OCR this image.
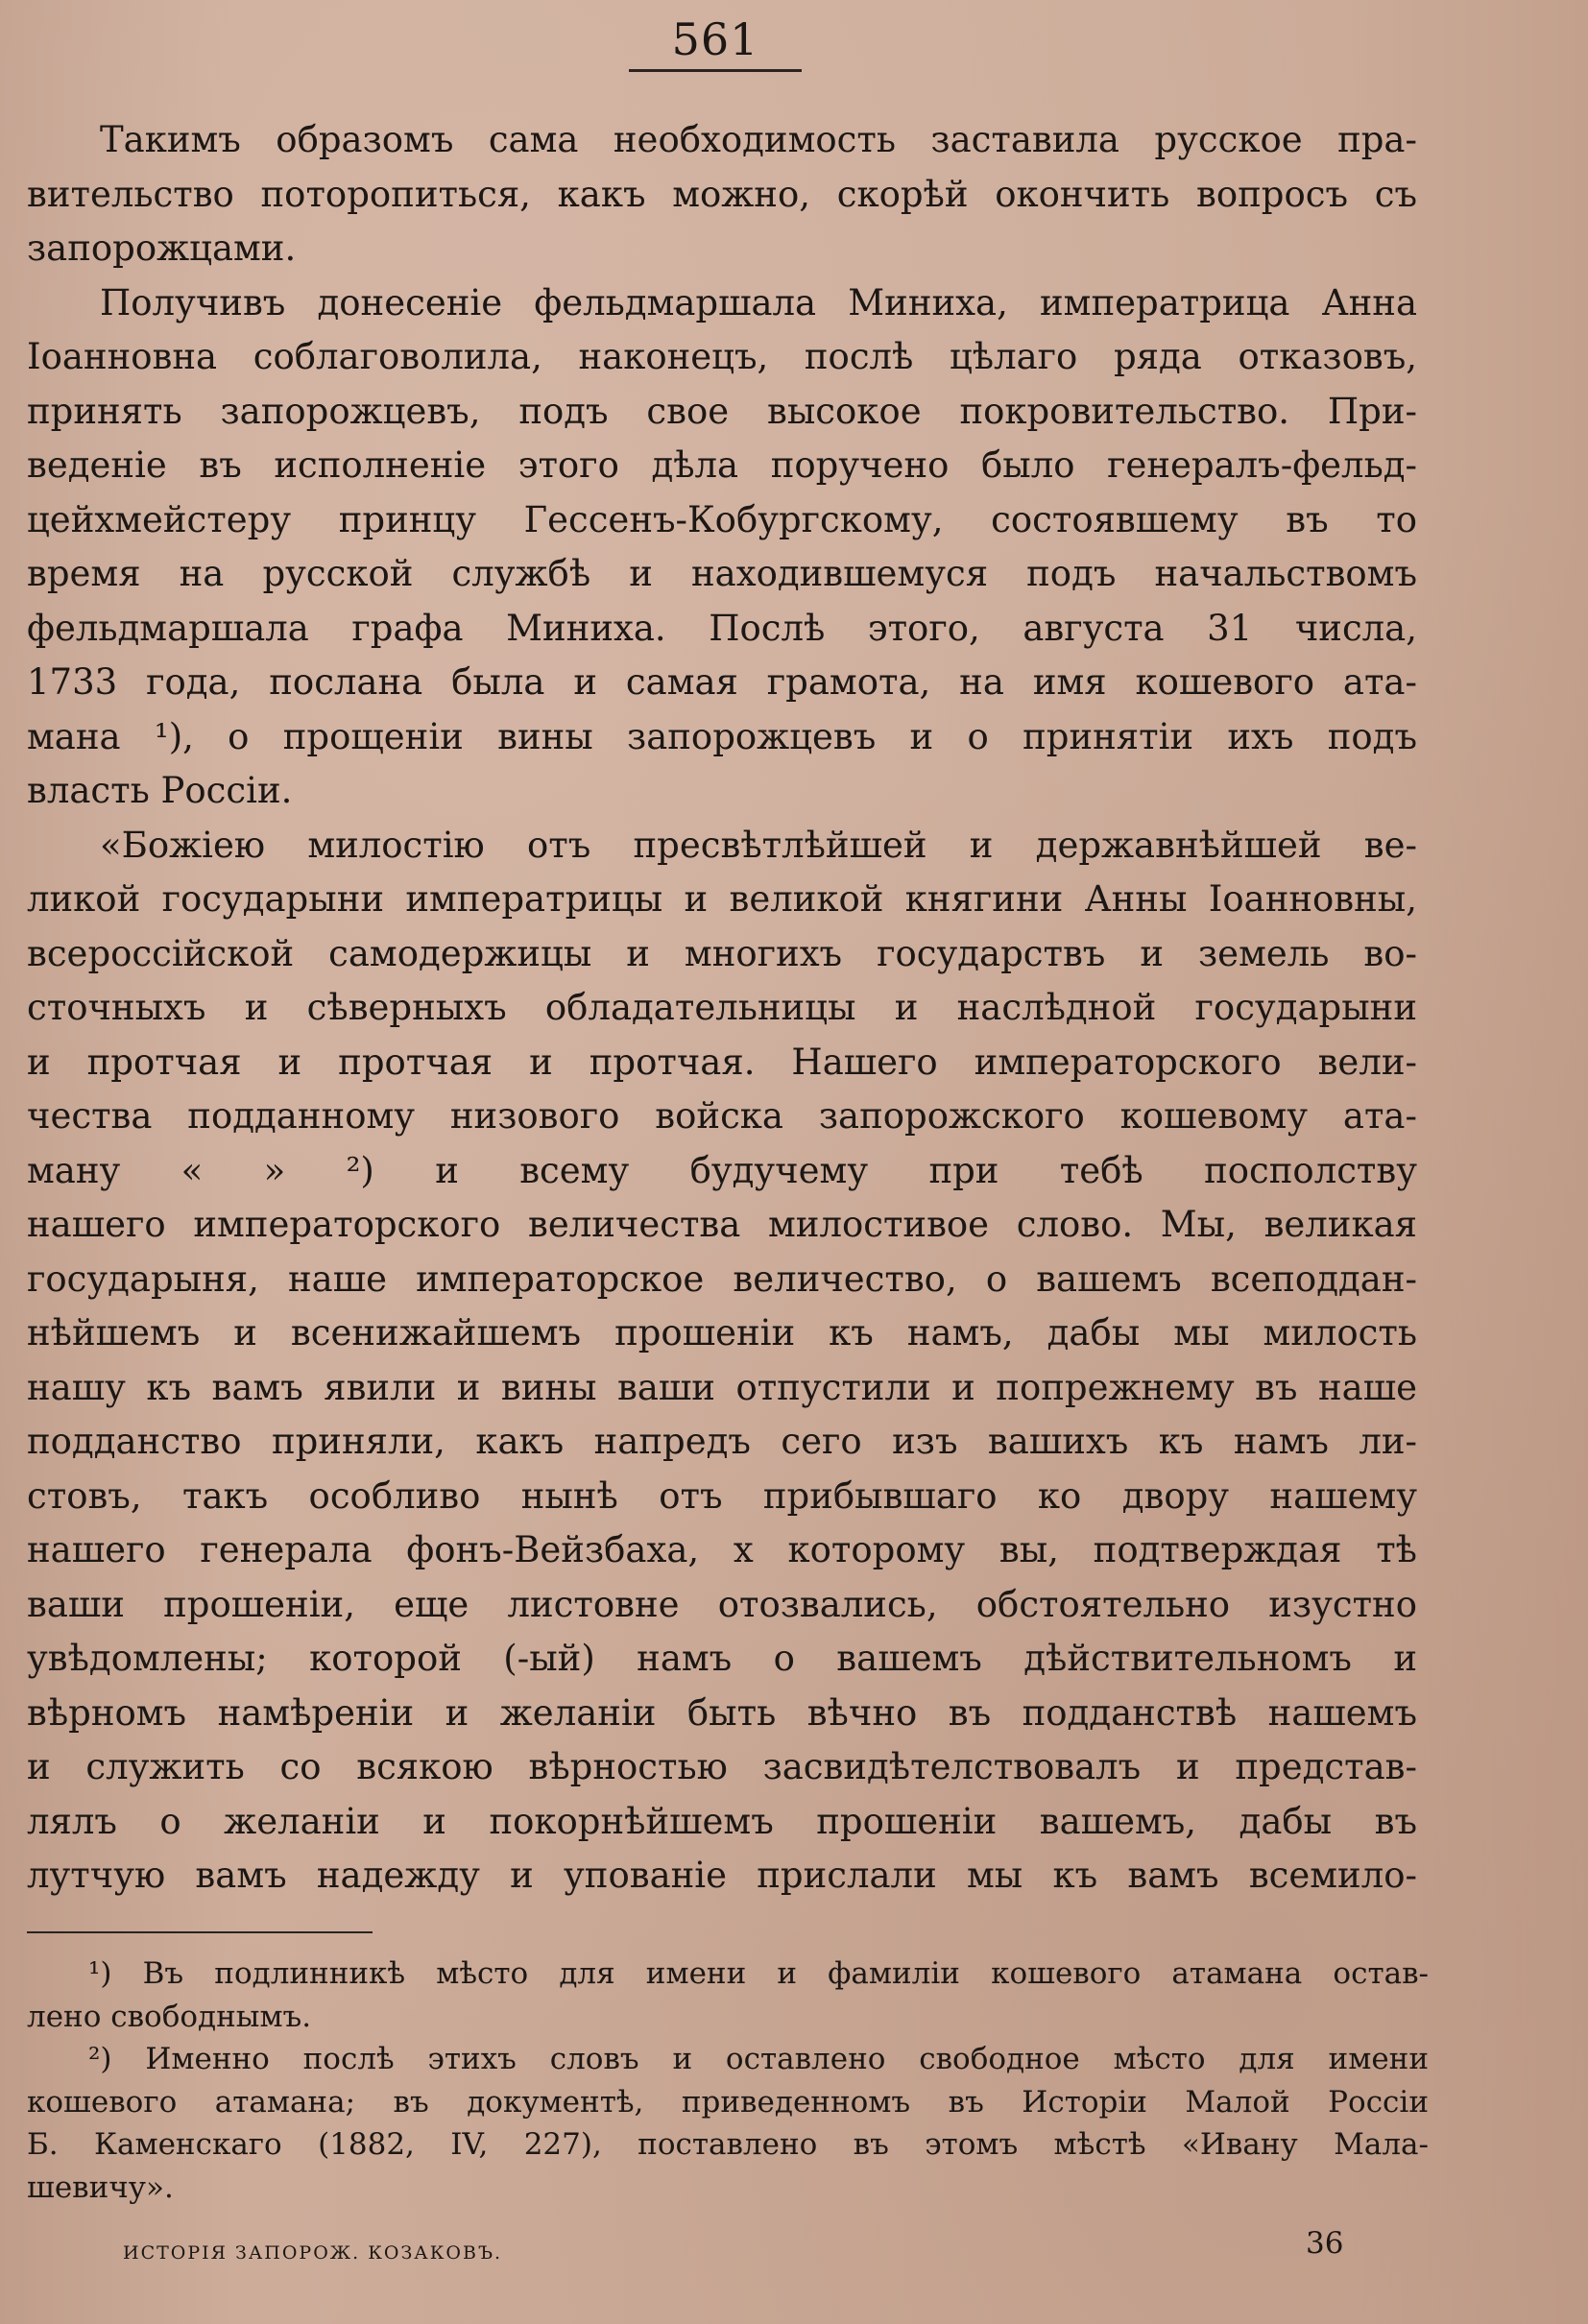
561
Такимъ образомъ сама необходимость заставила русское пра-
вительство поторопиться, какъ можно, скорѣй окончить вопросъ съ
запорожцами.
Получивъ донесеніе фельдмаршала Миниха, императрица Анна
Іоанновна соблаговолила, наконецъ, послѣ цѣлаго ряда отказовъ,
принять запорожцевъ, подъ свое высокое покровительство. При-
веденіе въ исполненіе этого дѣла поручено было генералъ-фельд-
цейхмейстеру принцу Гессенъ-Кобургскому, состоявшему въ то
время на русской службѣ и находившемуся подъ начальствомъ
фельдмаршала графа Миниха. Послѣ этого, августа 31 числа,
1733 года, послана была и самая грамота, на имя кошевого ата-
мана ¹), о прощеніи вины запорожцевъ и о принятіи ихъ подъ
власть Россіи.
«Божіею милостію отъ пресвѣтлѣйшей и державнѣйшей ве-
ликой государыни императрицы и великой княгини Анны Іоанновны,
всероссійской самодержицы и многихъ государствъ и земель во-
сточныхъ и сѣверныхъ обладательницы и наслѣдной государыни
и протчая и протчая и протчая. Нашего императорского вели-
чества подданному низового войска запорожского кошевому ата-
ману « » ²) и всему будучему при тебѣ посполству
нашего императорского величества милостивое слово. Мы, великая
государыня, наше императорское величество, о вашемъ всеподдан-
нѣйшемъ и всенижайшемъ прошеніи къ намъ, дабы мы милость
нашу къ вамъ явили и вины ваши отпустили и попрежнему въ наше
подданство приняли, какъ напредъ сего изъ вашихъ къ намъ ли-
стовъ, такъ особливо нынѣ отъ прибывшаго ко двору нашему
нашего генерала фонъ-Вейзбаха, х которому вы, подтверждая тѣ
ваши прошеніи, еще листовне отозвались, обстоятельно изустно
увѣдомлены; которой (-ый) намъ о вашемъ дѣйствительномъ и
вѣрномъ намѣреніи и желаніи быть вѣчно въ подданствѣ нашемъ
и служить со всякою вѣрностью засвидѣтелствовалъ и представ-
лялъ о желаніи и покорнѣйшемъ прошеніи вашемъ, дабы въ
лутчую вамъ надежду и упованіе прислали мы къ вамъ всемило-
¹) Въ подлинникѣ мѣсто для имени и фамиліи кошевого атамана остав-
лено свободнымъ.
²) Именно послѣ этихъ словъ и оставлено свободное мѣсто для имени
кошевого атамана; въ документѣ, приведенномъ въ Исторіи Малой Россіи
Б. Каменскаго (1882, IV, 227), поставлено въ этомъ мѣстѣ «Ивану Мала-
шевичу».
ИСТОРІЯ ЗАПОРОЖ. КОЗАКОВЪ.	36
